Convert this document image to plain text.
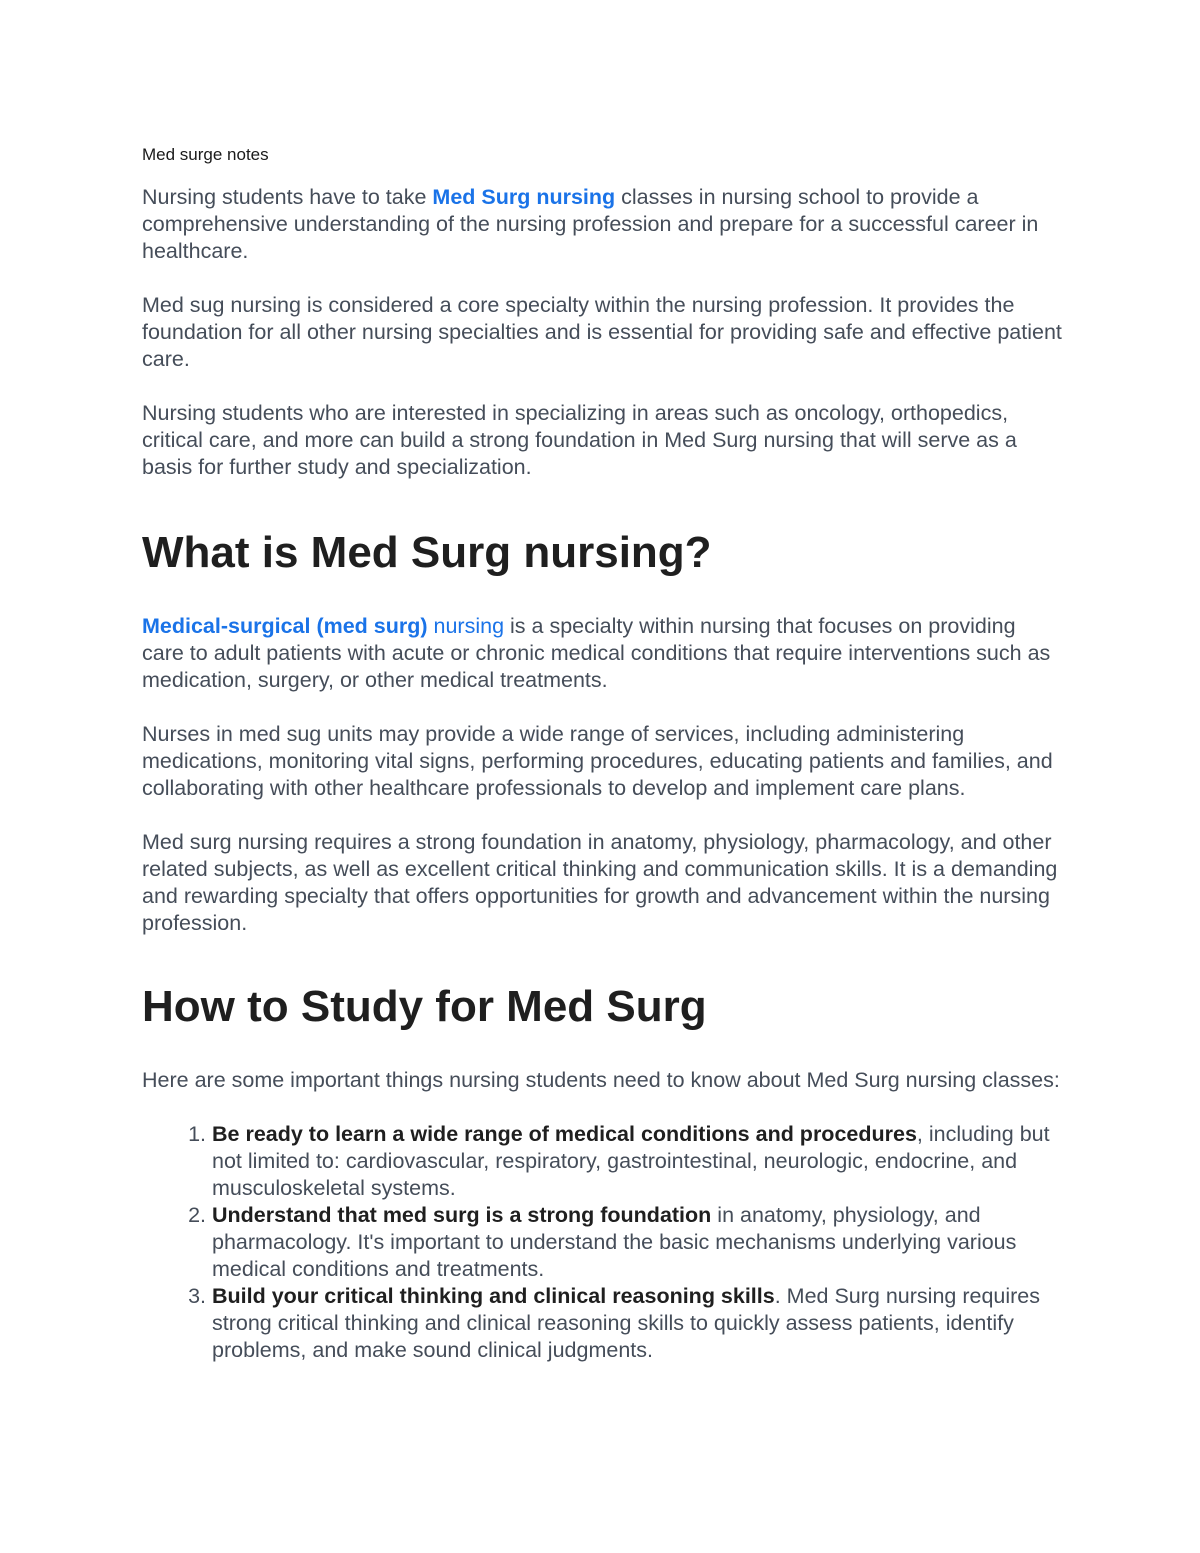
Med surge notes

Nursing students have to take Med Surg nursing classes in nursing school to provide a comprehensive understanding of the nursing profession and prepare for a successful career in healthcare.

Med sug nursing is considered a core specialty within the nursing profession. It provides the foundation for all other nursing specialties and is essential for providing safe and effective patient care.

Nursing students who are interested in specializing in areas such as oncology, orthopedics, critical care, and more can build a strong foundation in Med Surg nursing that will serve as a basis for further study and specialization.

What is Med Surg nursing?

Medical-surgical (med surg) nursing is a specialty within nursing that focuses on providing care to adult patients with acute or chronic medical conditions that require interventions such as medication, surgery, or other medical treatments.

Nurses in med sug units may provide a wide range of services, including administering medications, monitoring vital signs, performing procedures, educating patients and families, and collaborating with other healthcare professionals to develop and implement care plans.

Med surg nursing requires a strong foundation in anatomy, physiology, pharmacology, and other related subjects, as well as excellent critical thinking and communication skills. It is a demanding and rewarding specialty that offers opportunities for growth and advancement within the nursing profession.

How to Study for Med Surg

Here are some important things nursing students need to know about Med Surg nursing classes:

1. Be ready to learn a wide range of medical conditions and procedures, including but not limited to: cardiovascular, respiratory, gastrointestinal, neurologic, endocrine, and musculoskeletal systems.
2. Understand that med surg is a strong foundation in anatomy, physiology, and pharmacology. It's important to understand the basic mechanisms underlying various medical conditions and treatments.
3. Build your critical thinking and clinical reasoning skills. Med Surg nursing requires strong critical thinking and clinical reasoning skills to quickly assess patients, identify problems, and make sound clinical judgments.
